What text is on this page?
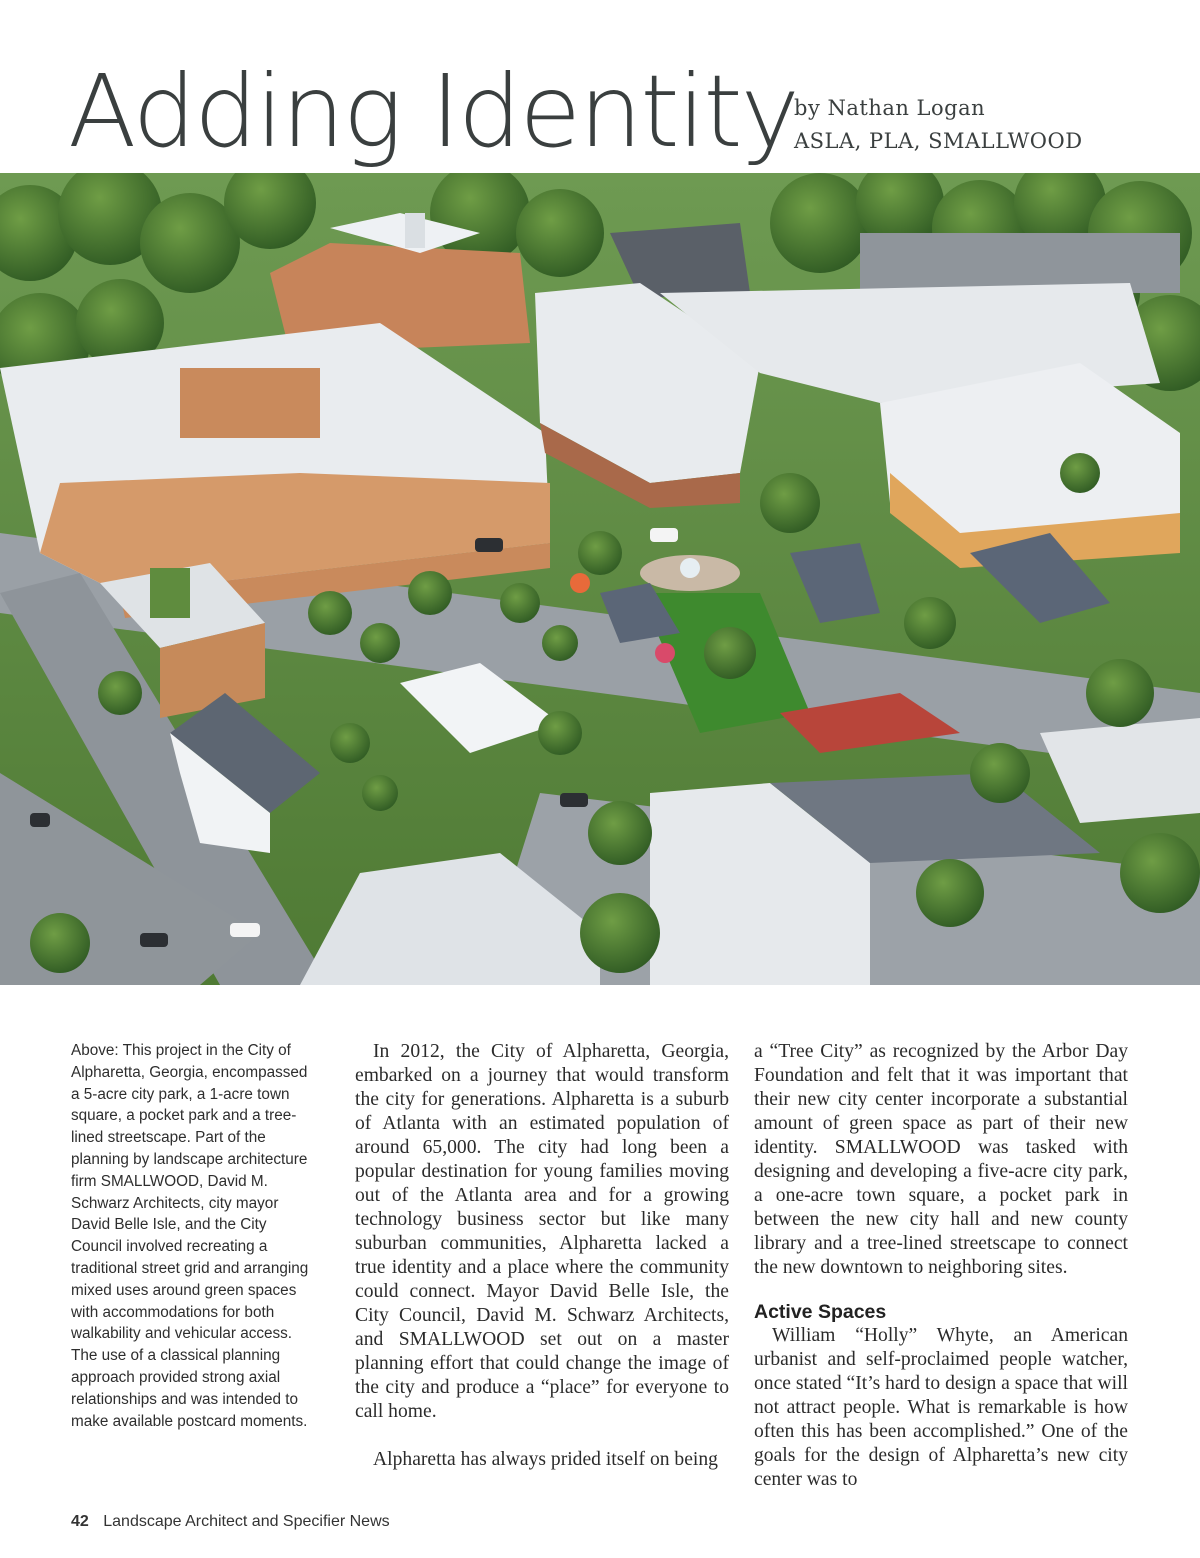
Adding Identity
by Nathan Logan
ASLA, PLA, SMALLWOOD
Above: This project in the City of Alpharetta, Georgia, encompassed a 5-acre city park, a 1-acre town square, a pocket park and a tree-lined streetscape. Part of the planning by landscape architecture firm SMALLWOOD, David M. Schwarz Architects, city mayor David Belle Isle, and the City Council involved recreating a traditional street grid and arranging mixed uses around green spaces with accommodations for both walkability and vehicular access. The use of a classical planning approach provided strong axial relationships and was intended to make available postcard moments.

In 2012, the City of Alpharetta, Georgia, embarked on a journey that would transform the city for generations. Alpharetta is a suburb of Atlanta with an estimated population of around 65,000. The city had long been a popular destination for young families moving out of the Atlanta area and for a growing technology business sector but like many suburban communities, Alpharetta lacked a true identity and a place where the community could connect. Mayor David Belle Isle, the City Council, David M. Schwarz Architects, and SMALLWOOD set out on a master planning effort that could change the image of the city and produce a “place” for everyone to call home.

Alpharetta has always prided itself on being

a “Tree City” as recognized by the Arbor Day Foundation and felt that it was important that their new city center incorporate a substantial amount of green space as part of their new identity. SMALLWOOD was tasked with designing and developing a five-acre city park, a one-acre town square, a pocket park in between the new city hall and new county library and a tree-lined streetscape to connect the new downtown to neighboring sites.

Active Spaces

William “Holly” Whyte, an American urbanist and self-proclaimed people watcher, once stated “It’s hard to design a space that will not attract people. What is remarkable is how often this has been accomplished.” One of the goals for the design of Alpharetta’s new city center was to

42 Landscape Architect and Specifier News
